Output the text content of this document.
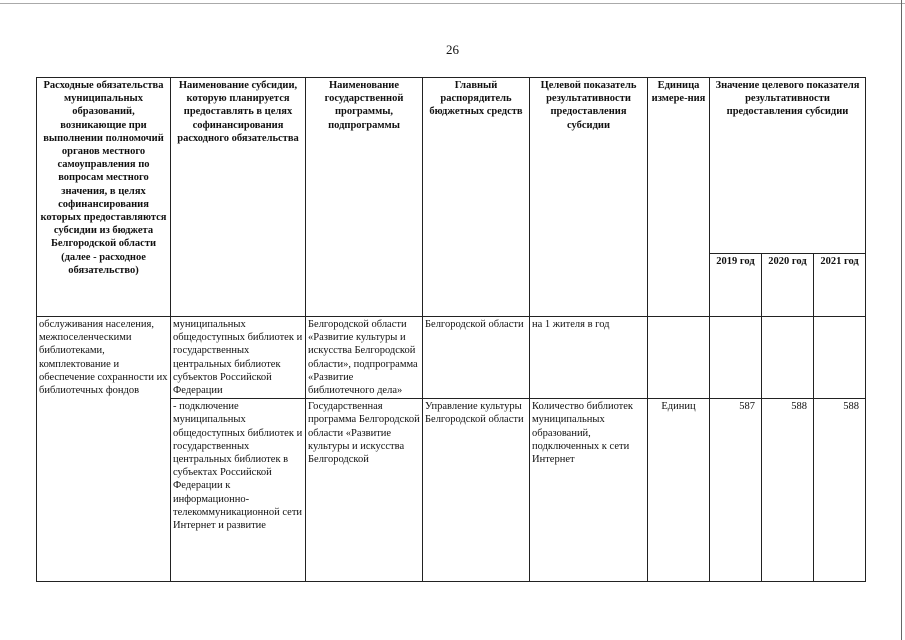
26
Расходные обязательства муниципальных образований, возникающие при выполнении полномочий органов местного самоуправления по вопросам местного значения, в целях софинансирования которых предоставляются субсидии из бюджета Белгородской области (далее - расходное обязательство)	Наименование субсидии, которую планируется предоставлять в целях софинансирования расходного обязательства	Наименование государственной программы, подпрограммы	Главный распорядитель бюджетных средств	Целевой показатель результативности предоставления субсидии	Единица измере-ния	Значение целевого показателя результативности предоставления субсидии		
						2019 год	2020 год	2021 год
обслуживания населения, межпоселенческими библиотеками, комплектование и обеспечение сохранности их библиотечных фондов	муниципальных общедоступных библиотек и государственных центральных библиотек субъектов Российской Федерации	Белгородской области «Развитие культуры и искусства Белгородской области», подпрограмма «Развитие библиотечного дела»	Белгородской области	на 1 жителя в год				
	- подключение муниципальных общедоступных библиотек и государственных центральных библиотек в субъектах Российской Федерации к информационно-телекоммуникационной сети Интернет и развитие	Государственная программа Белгородской области «Развитие культуры и искусства Белгородской	Управление культуры Белгородской области	Количество библиотек муниципальных образований, подключенных к сети Интернет	Единиц	587	588	588
